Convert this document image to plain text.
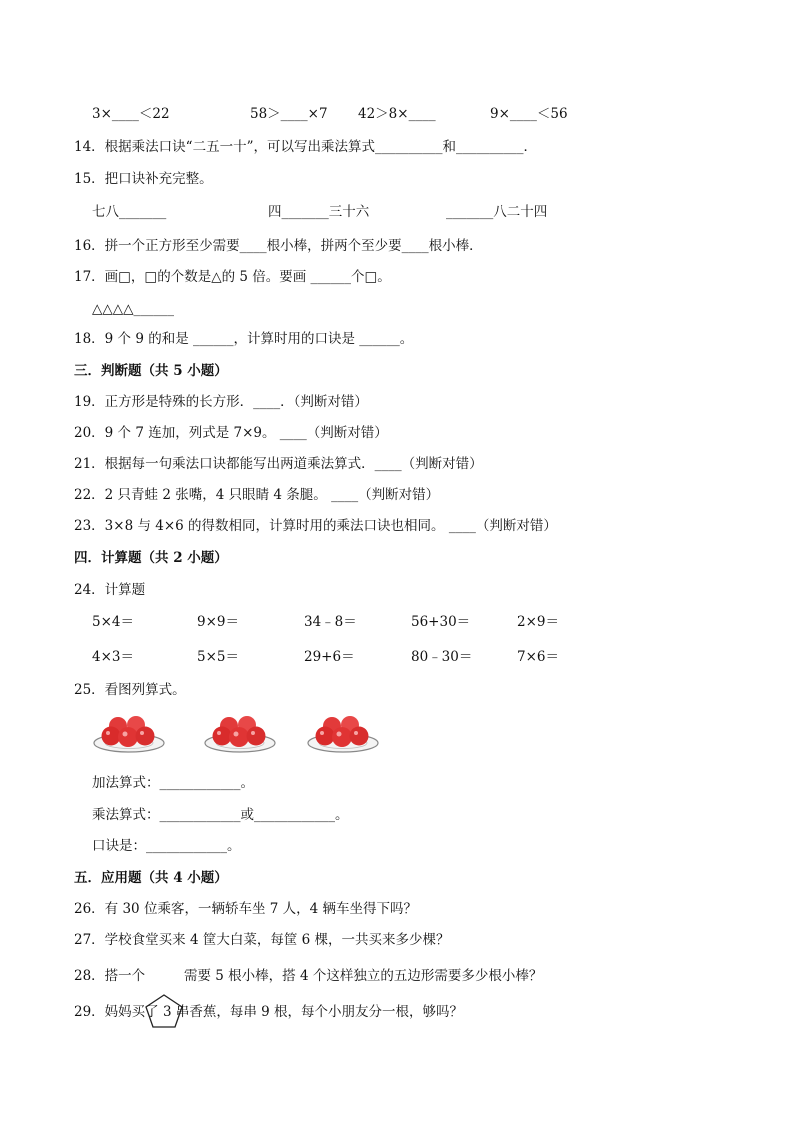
3×____＜22	58＞____×7 42＞8×____	9×____＜56
14．根据乘法口诀“二五一十”，可以写出乘法算式__________和__________．
15．把口诀补充完整。
七八_______	四_______三十六	_______八二十四
16．拼一个正方形至少需要____根小棒，拼两个至少要____根小棒．
17．画□，□的个数是△的 5 倍。要画 ______个□。
△△△△______
18．9 个 9 的和是 ______，计算时用的口诀是 ______。
三．判断题（共 5 小题）
19．正方形是特殊的长方形．____．（判断对错）
20．9 个 7 连加，列式是 7×9。 ____（判断对错）
21．根据每一句乘法口诀都能写出两道乘法算式．____（判断对错）
22．2 只青蛙 2 张嘴，4 只眼睛 4 条腿。 ____（判断对错）
23．3×8 与 4×6 的得数相同，计算时用的乘法口诀也相同。 ____（判断对错）
四．计算题（共 2 小题）
24．计算题
5×4＝	9×9＝	34﹣8＝	56+30＝	2×9＝
4×3＝	5×5＝	29+6＝	80﹣30＝	7×6＝
25．看图列算式。
加法算式：____________。
乘法算式：____________或____________。
口诀是：____________。
五．应用题（共 4 小题）
26．有 30 位乘客，一辆轿车坐 7 人，4 辆车坐得下吗？
27．学校食堂买来 4 筐大白菜，每筐 6 棵，一共买来多少棵？
28．搭一个

	需要 5 根小棒，搭 4 个这样独立的五边形需要多少根小棒？
29．妈妈买了 3 串香蕉，每串 9 根，每个小朋友分一根，够吗？
